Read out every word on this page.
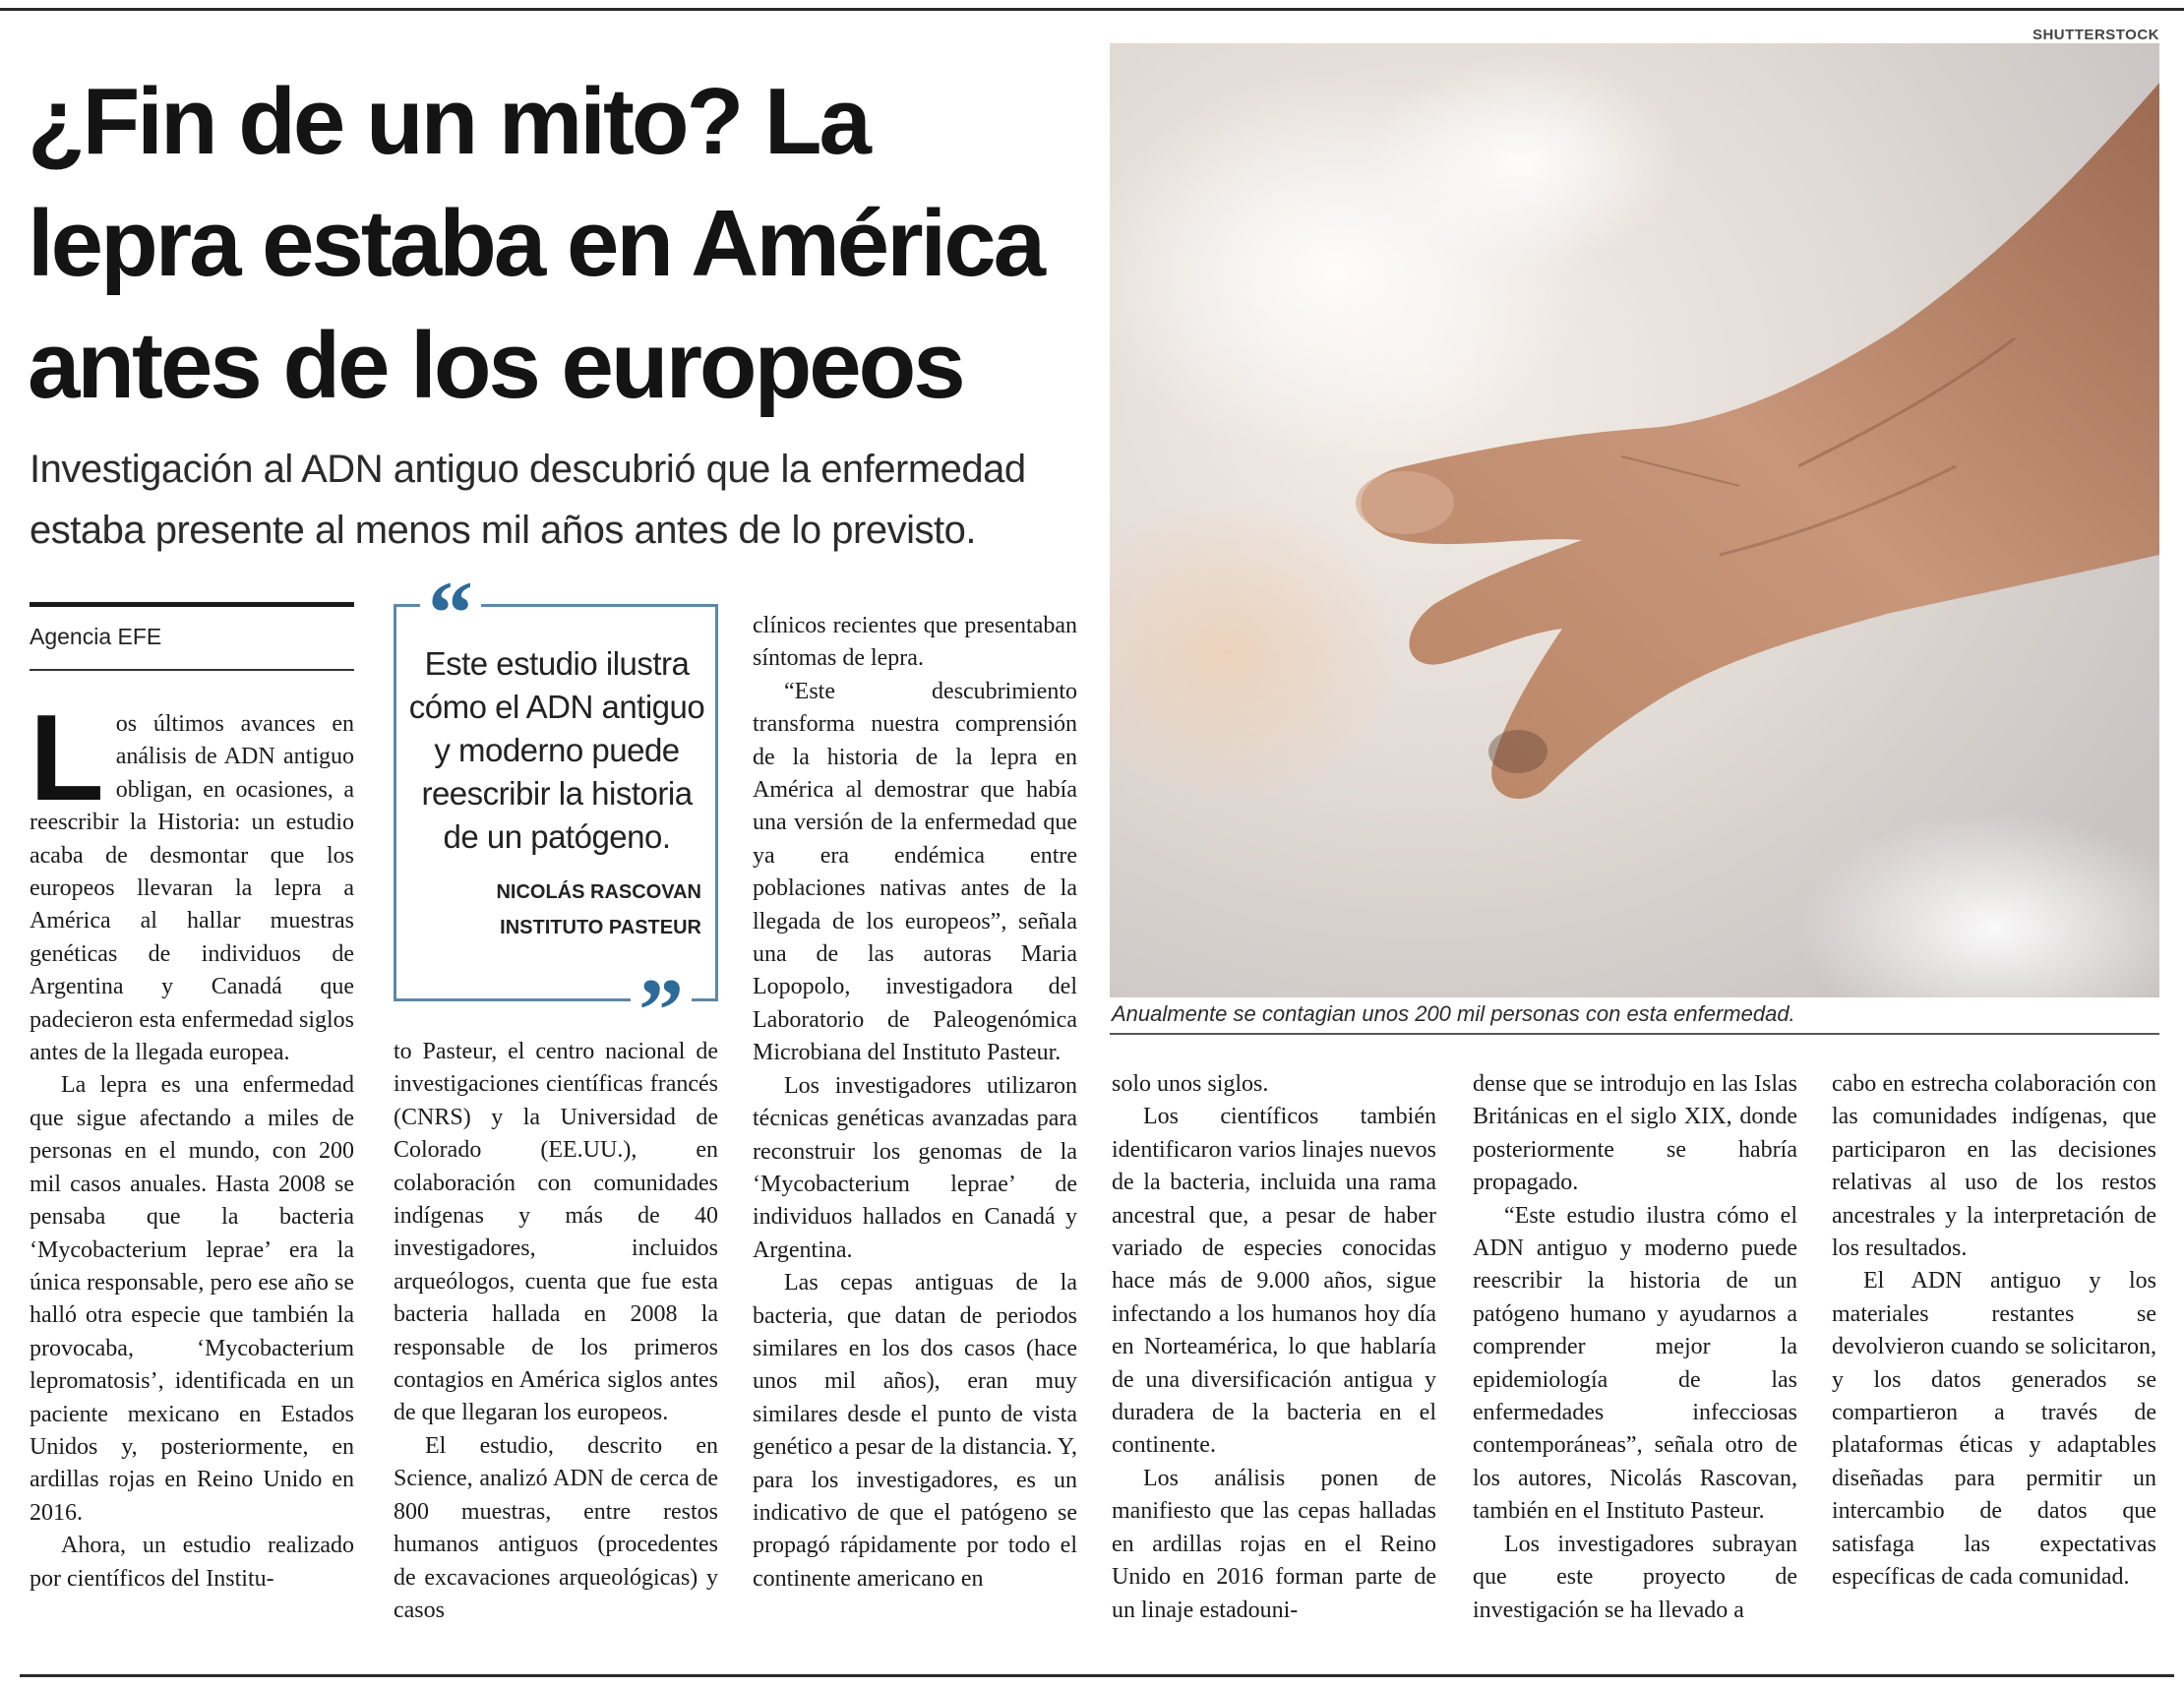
¿Fin de un mito? La lepra estaba en América antes de los europeos
Investigación al ADN antiguo descubrió que la enfermedad estaba presente al menos mil años antes de lo previsto.
SHUTTERSTOCK
Anualmente se contagian unos 200 mil personas con esta enfermedad.
Agencia EFE

Los últimos avances en análisis de ADN antiguo obligan, en ocasiones, a reescribir la Historia: un estudio acaba de desmontar que los europeos llevaran la lepra a América al hallar muestras genéticas de individuos de Argentina y Canadá que padecieron esta enfermedad siglos antes de la llegada europea.

La lepra es una enfermedad que sigue afectando a miles de personas en el mundo, con 200 mil casos anuales. Hasta 2008 se pensaba que la bacteria ‘Mycobacterium leprae’ era la única responsable, pero ese año se halló otra especie que también la provocaba, ‘Mycobacterium lepromatosis’, identificada en un paciente mexicano en Estados Unidos y, posteriormente, en ardillas rojas en Reino Unido en 2016.

Ahora, un estudio realizado por científicos del Institu-

“
Este estudio ilustra cómo el ADN antiguo y moderno puede reescribir la historia de un patógeno.
NICOLÁS RASCOVAN
INSTITUTO PASTEUR
”

to Pasteur, el centro nacional de investigaciones científicas francés (CNRS) y la Universidad de Colorado (EE.UU.), en colaboración con comunidades indígenas y más de 40 investigadores, incluidos arqueólogos, cuenta que fue esta bacteria hallada en 2008 la responsable de los primeros contagios en América siglos antes de que llegaran los europeos.

El estudio, descrito en Science, analizó ADN de cerca de 800 muestras, entre restos humanos antiguos (procedentes de excavaciones arqueológicas) y casos

clínicos recientes que presentaban síntomas de lepra.

“Este descubrimiento transforma nuestra comprensión de la historia de la lepra en América al demostrar que había una versión de la enfermedad que ya era endémica entre poblaciones nativas antes de la llegada de los europeos”, señala una de las autoras Maria Lopopolo, investigadora del Laboratorio de Paleogenómica Microbiana del Instituto Pasteur.

Los investigadores utilizaron técnicas genéticas avanzadas para reconstruir los genomas de la ‘Mycobacterium leprae’ de individuos hallados en Canadá y Argentina.

Las cepas antiguas de la bacteria, que datan de periodos similares en los dos casos (hace unos mil años), eran muy similares desde el punto de vista genético a pesar de la distancia. Y, para los investigadores, es un indicativo de que el patógeno se propagó rápidamente por todo el continente americano en

solo unos siglos.

Los científicos también identificaron varios linajes nuevos de la bacteria, incluida una rama ancestral que, a pesar de haber variado de especies conocidas hace más de 9.000 años, sigue infectando a los humanos hoy día en Norteamérica, lo que hablaría de una diversificación antigua y duradera de la bacteria en el continente.

Los análisis ponen de manifiesto que las cepas halladas en ardillas rojas en el Reino Unido en 2016 forman parte de un linaje estadouni-

dense que se introdujo en las Islas Británicas en el siglo XIX, donde posteriormente se habría propagado.

“Este estudio ilustra cómo el ADN antiguo y moderno puede reescribir la historia de un patógeno humano y ayudarnos a comprender mejor la epidemiología de las enfermedades infecciosas contemporáneas”, señala otro de los autores, Nicolás Rascovan, también en el Instituto Pasteur.

Los investigadores subrayan que este proyecto de investigación se ha llevado a

cabo en estrecha colaboración con las comunidades indígenas, que participaron en las decisiones relativas al uso de los restos ancestrales y la interpretación de los resultados.

El ADN antiguo y los materiales restantes se devolvieron cuando se solicitaron, y los datos generados se compartieron a través de plataformas éticas y adaptables diseñadas para permitir un intercambio de datos que satisfaga las expectativas específicas de cada comunidad.
